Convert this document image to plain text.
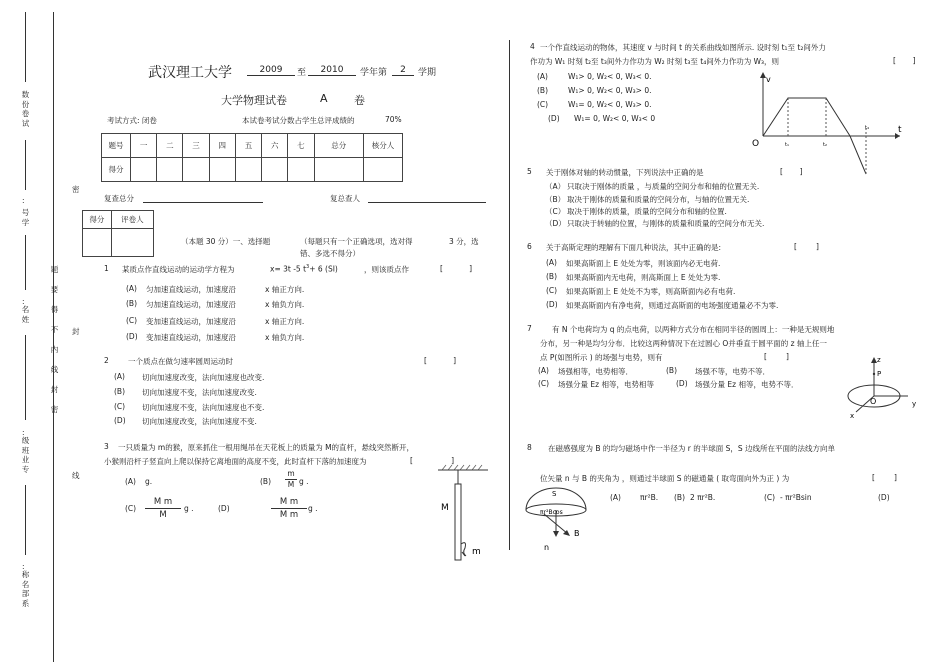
数份卷试
:
号学
:
名姓
:
级班业专
:
称名部系
题要得不内线封密
密
封
线
武汉理工大学	2009	至	2010	学年第	2	学期
大学物理试卷	A 卷
考试方式: 闭卷	本试卷考试分数占学生总评成绩的	70%
题号	一	二	三	四	五	六	七	总分	核分人
得分									
复查总分	复总查人
得分	评卷人

（本题 30 分）一、选择题	（每题只有一个正确选项，选对得	3 分，选
错、多选不得分）
1 某质点作直线运动的运动学方程为	x= 3t -5 $t^3+ 6$ (SI)	，则该质点作	[           ]
(A) 匀加速直线运动，加速度沿	x 轴正方向.
(B) 匀加速直线运动，加速度沿	x 轴负方向.
(C) 变加速直线运动，加速度沿	x 轴正方向.
(D) 变加速直线运动，加速度沿	x 轴负方向.
2	一个质点在做匀速率圆周运动时	[           ]
(A) 切向加速度改变，法向加速度也改变.
(B) 切向加速度不变，法向加速度改变.
(C) 切向加速度不变，法向加速度也不变.
(D) 切向加速度改变，法向加速度不变.
3 一只质量为 m的猴，原来抓住一根用绳吊在天花板上的质量为 M的直杆，悬线突然断开，
小猴则沿杆子竖直向上爬以保持它离地面的高度不变，此时直杆下落的加速度为	[                ]
(A) g.	(B)
m
M g .
(C)
M m
M
g .	(D)
M m
M m
g .	M
m
4 一个作直线运动的物体，其速度 v 与时间 t 的关系曲线如图所示. 设时刻 t₁至 t₂间外力
作功为 W₁ 时刻 t₂至 t₃间外力作功为 W₂ 时刻 t₃至 t₄间外力作功为 W₃，则	[       ]
(A)	W₁> 0, W₂< 0, W₃< 0.
(B)	W₁> 0, W₂< 0, W₃> 0.
(C)	W₁= 0, W₂< 0, W₃> 0.
(D) W₁= 0, W₂< 0, W₃< 0
v
t
O	t₁	t₂
t₄
5 关于刚体对轴的转动惯量，下列说法中正确的是	[       ]
（A） 只取决于刚体的质量 ，与质量的空间分布和轴的位置无关.
（B） 取决于刚体的质量和质量的空间分布，与轴的位置无关.
（C） 取决于刚体的质量，质量的空间分布和轴的位置.
（D） 只取决于转轴的位置，与刚体的质量和质量的空间分布无关.
6 关于高斯定理的理解有下面几种说法，其中正确的是:	[        ]
(A) 如果高斯面上 E 处处为零，则该面内必无电荷.
(B) 如果高斯面内无电荷，则高斯面上 E 处处为零.
(C) 如果高斯面上 E 处处不为零，则高斯面内必有电荷.
(D) 如果高斯面内有净电荷，则通过高斯面的电场强度通量必不为零.
7	有 N 个电荷均为 q 的点电荷，以两种方式分布在相同半径的圆周上：一种是无规则地
分布，另一种是均匀分布．比较这两种情况下在过圆心 O并垂直于圆平面的 z 轴上任一
点 P(如图所示 ) 的场强与电势，则有	[        ]
(A) 场强相等，电势相等．	(B) 场强不等，电势不等．
(C) 场强分量 Ez 相等，电势相等	(D) 场强分量 Ez 相等，电势不等．
z
P
O
x
y
8 在磁感强度为 B 的均匀磁场中作一半径为 r 的半球面 S，S 边线所在平面的法线方向单
位矢量 n 与 B 的夹角为 ，则通过半球面 S 的磁通量 ( 取弯面向外为正 ) 为	[        ]
(A)	πr²B. (B) 2 πr²B.	(C) - πr²Bsin	(D)
S
πr²Bcos
B
n
